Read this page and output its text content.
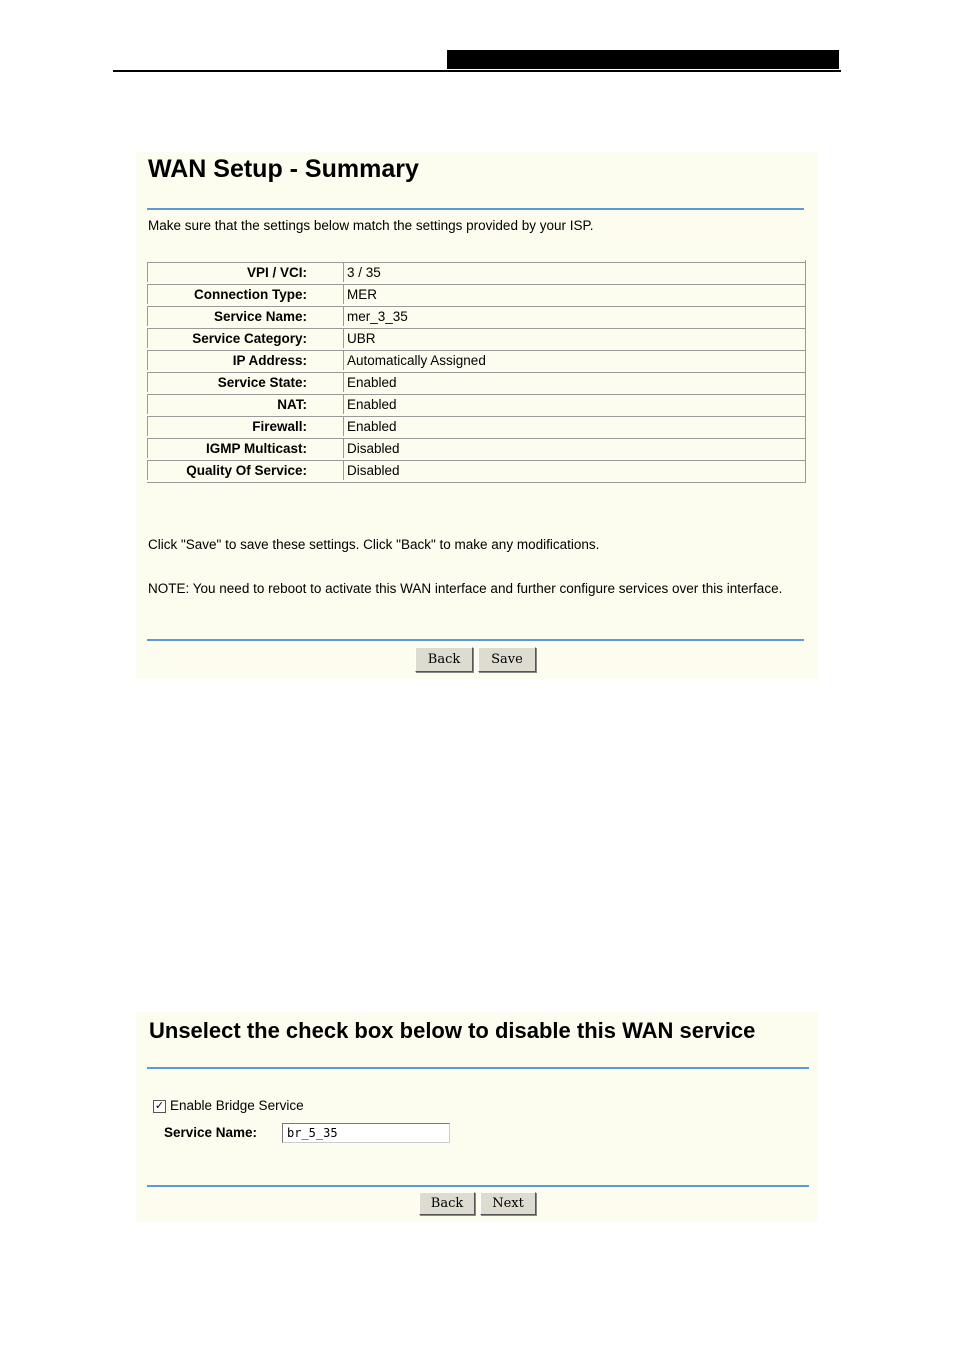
WAN Setup - Summary
Make sure that the settings below match the settings provided by your ISP.
VPI / VCI:	3 / 35
Connection Type:	MER
Service Name:	mer_3_35
Service Category:	UBR
IP Address:	Automatically Assigned
Service State:	Enabled
NAT:	Enabled
Firewall:	Enabled
IGMP Multicast:	Disabled
Quality Of Service:	Disabled
Click "Save" to save these settings. Click "Back" to make any modifications.
NOTE: You need to reboot to activate this WAN interface and further configure services over this interface.
Back	Save
Unselect the check box below to disable this WAN service
✓ Enable Bridge Service
Service Name:	br_5_35
Back	Next
